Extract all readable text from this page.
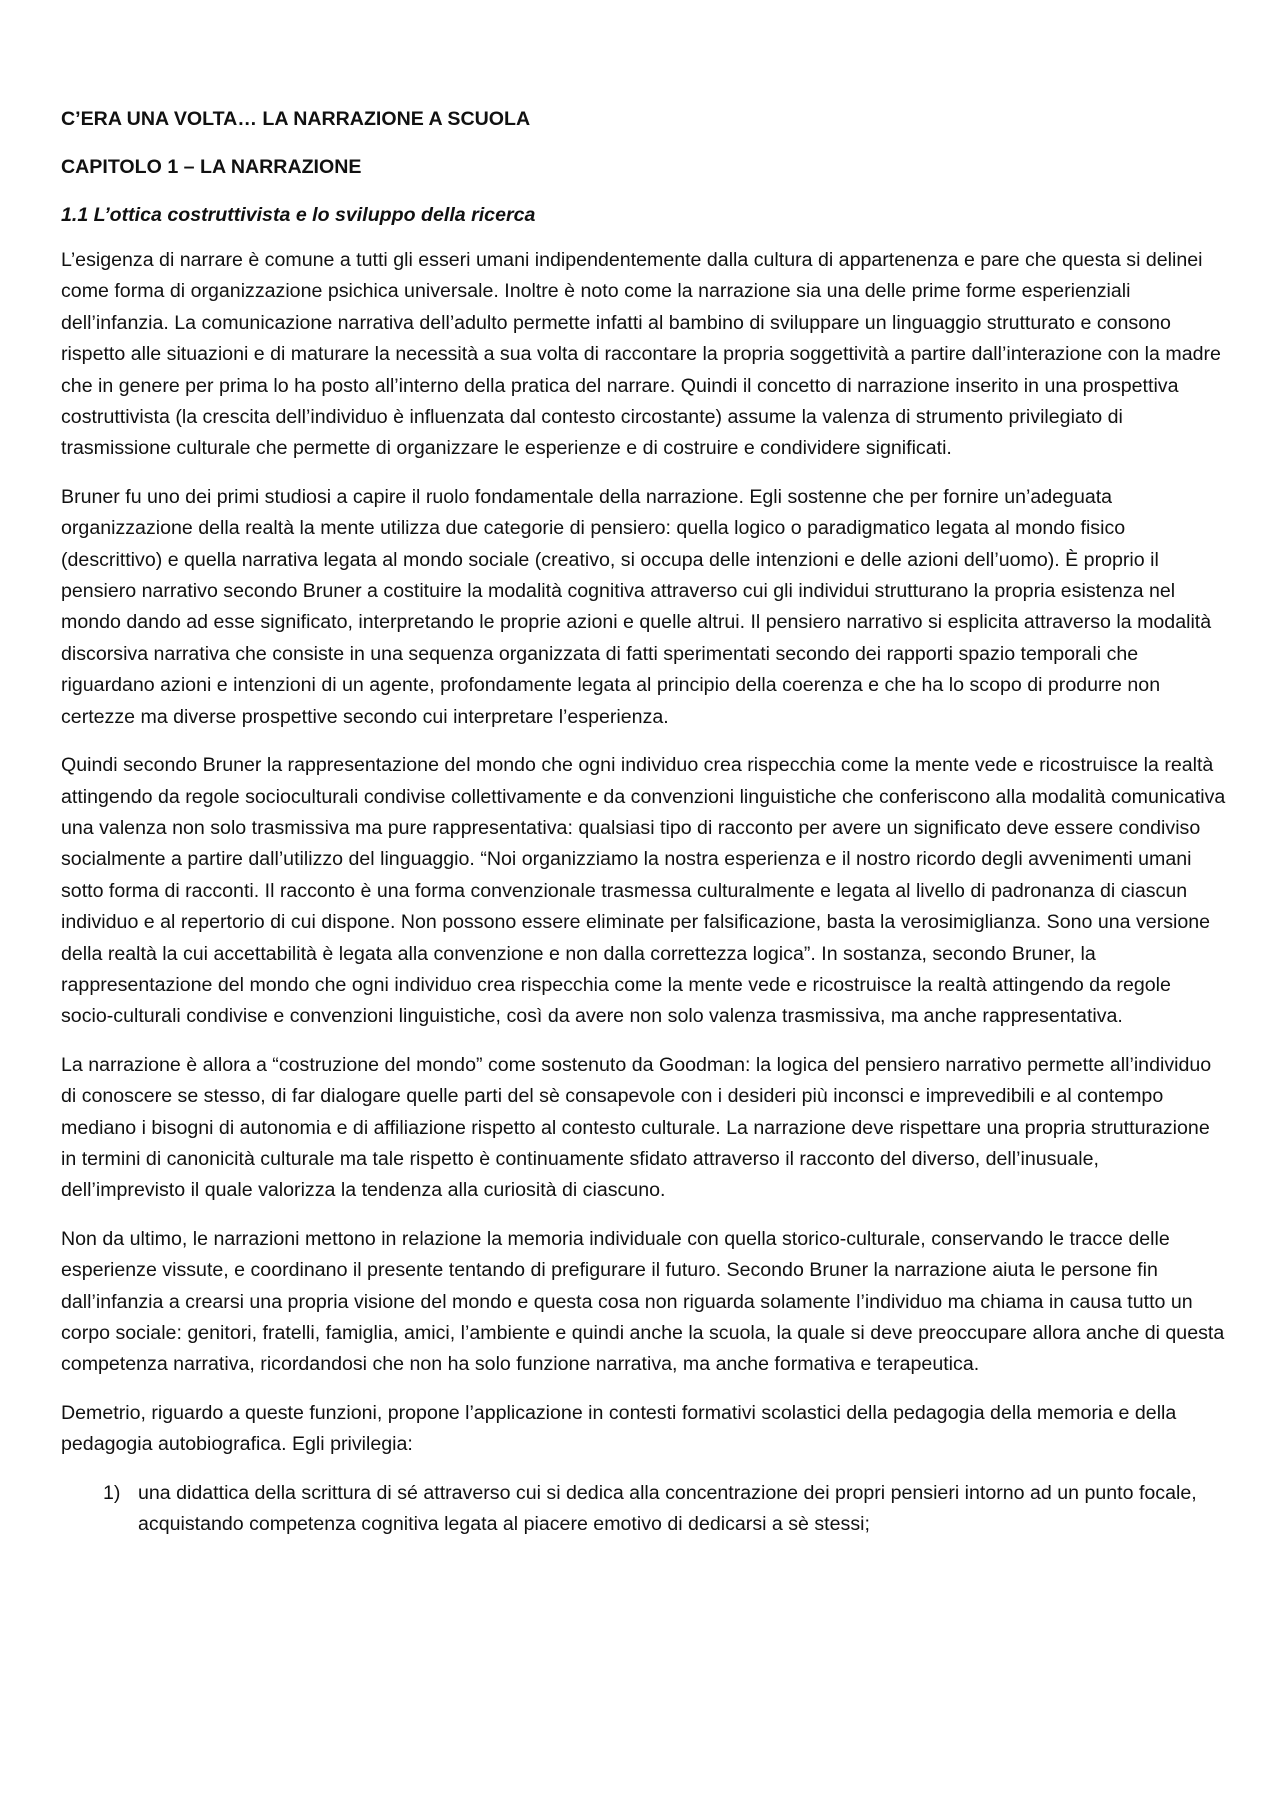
C’ERA UNA VOLTA… LA NARRAZIONE A SCUOLA
CAPITOLO 1 – LA NARRAZIONE
1.1 L’ottica costruttivista e lo sviluppo della ricerca

L’esigenza di narrare è comune a tutti gli esseri umani indipendentemente dalla cultura di appartenenza e pare che questa si delinei come forma di organizzazione psichica universale. Inoltre è noto come la narrazione sia una delle prime forme esperienziali dell’infanzia. La comunicazione narrativa dell’adulto permette infatti al bambino di sviluppare un linguaggio strutturato e consono rispetto alle situazioni e di maturare la necessità a sua volta di raccontare la propria soggettività a partire dall’interazione con la madre che in genere per prima lo ha posto all’interno della pratica del narrare. Quindi il concetto di narrazione inserito in una prospettiva costruttivista (la crescita dell’individuo è influenzata dal contesto circostante) assume la valenza di strumento privilegiato di trasmissione culturale che permette di organizzare le esperienze e di costruire e condividere significati.

Bruner fu uno dei primi studiosi a capire il ruolo fondamentale della narrazione. Egli sostenne che per fornire un’adeguata organizzazione della realtà la mente utilizza due categorie di pensiero: quella logico o paradigmatico legata al mondo fisico (descrittivo) e quella narrativa legata al mondo sociale (creativo, si occupa delle intenzioni e delle azioni dell’uomo). È proprio il pensiero narrativo secondo Bruner a costituire la modalità cognitiva attraverso cui gli individui strutturano la propria esistenza nel mondo dando ad esse significato, interpretando le proprie azioni e quelle altrui. Il pensiero narrativo si esplicita attraverso la modalità discorsiva narrativa che consiste in una sequenza organizzata di fatti sperimentati secondo dei rapporti spazio temporali che riguardano azioni e intenzioni di un agente, profondamente legata al principio della coerenza e che ha lo scopo di produrre non certezze ma diverse prospettive secondo cui interpretare l’esperienza.

Quindi secondo Bruner la rappresentazione del mondo che ogni individuo crea rispecchia come la mente vede e ricostruisce la realtà attingendo da regole socioculturali condivise collettivamente e da convenzioni linguistiche che conferiscono alla modalità comunicativa una valenza non solo trasmissiva ma pure rappresentativa: qualsiasi tipo di racconto per avere un significato deve essere condiviso socialmente a partire dall’utilizzo del linguaggio. “Noi organizziamo la nostra esperienza e il nostro ricordo degli avvenimenti umani sotto forma di racconti. Il racconto è una forma convenzionale trasmessa culturalmente e legata al livello di padronanza di ciascun individuo e al repertorio di cui dispone. Non possono essere eliminate per falsificazione, basta la verosimiglianza. Sono una versione della realtà la cui accettabilità è legata alla convenzione e non dalla correttezza logica”. In sostanza, secondo Bruner, la rappresentazione del mondo che ogni individuo crea rispecchia come la mente vede e ricostruisce la realtà attingendo da regole socio-culturali condivise e convenzioni linguistiche, così da avere non solo valenza trasmissiva, ma anche rappresentativa.

La narrazione è allora a “costruzione del mondo” come sostenuto da Goodman: la logica del pensiero narrativo permette all’individuo di conoscere se stesso, di far dialogare quelle parti del sè consapevole con i desideri più inconsci e imprevedibili e al contempo mediano i bisogni di autonomia e di affiliazione rispetto al contesto culturale. La narrazione deve rispettare una propria strutturazione in termini di canonicità culturale ma tale rispetto è continuamente sfidato attraverso il racconto del diverso, dell’inusuale, dell’imprevisto il quale valorizza la tendenza alla curiosità di ciascuno.

Non da ultimo, le narrazioni mettono in relazione la memoria individuale con quella storico-culturale, conservando le tracce delle esperienze vissute, e coordinano il presente tentando di prefigurare il futuro. Secondo Bruner la narrazione aiuta le persone fin dall’infanzia a crearsi una propria visione del mondo e questa cosa non riguarda solamente l’individuo ma chiama in causa tutto un corpo sociale: genitori, fratelli, famiglia, amici, l’ambiente e quindi anche la scuola, la quale si deve preoccupare allora anche di questa competenza narrativa, ricordandosi che non ha solo funzione narrativa, ma anche formativa e terapeutica.

Demetrio, riguardo a queste funzioni, propone l’applicazione in contesti formativi scolastici della pedagogia della memoria e della pedagogia autobiografica. Egli privilegia:

1) una didattica della scrittura di sé attraverso cui si dedica alla concentrazione dei propri pensieri intorno ad un punto focale, acquistando competenza cognitiva legata al piacere emotivo di dedicarsi a sè stessi;
